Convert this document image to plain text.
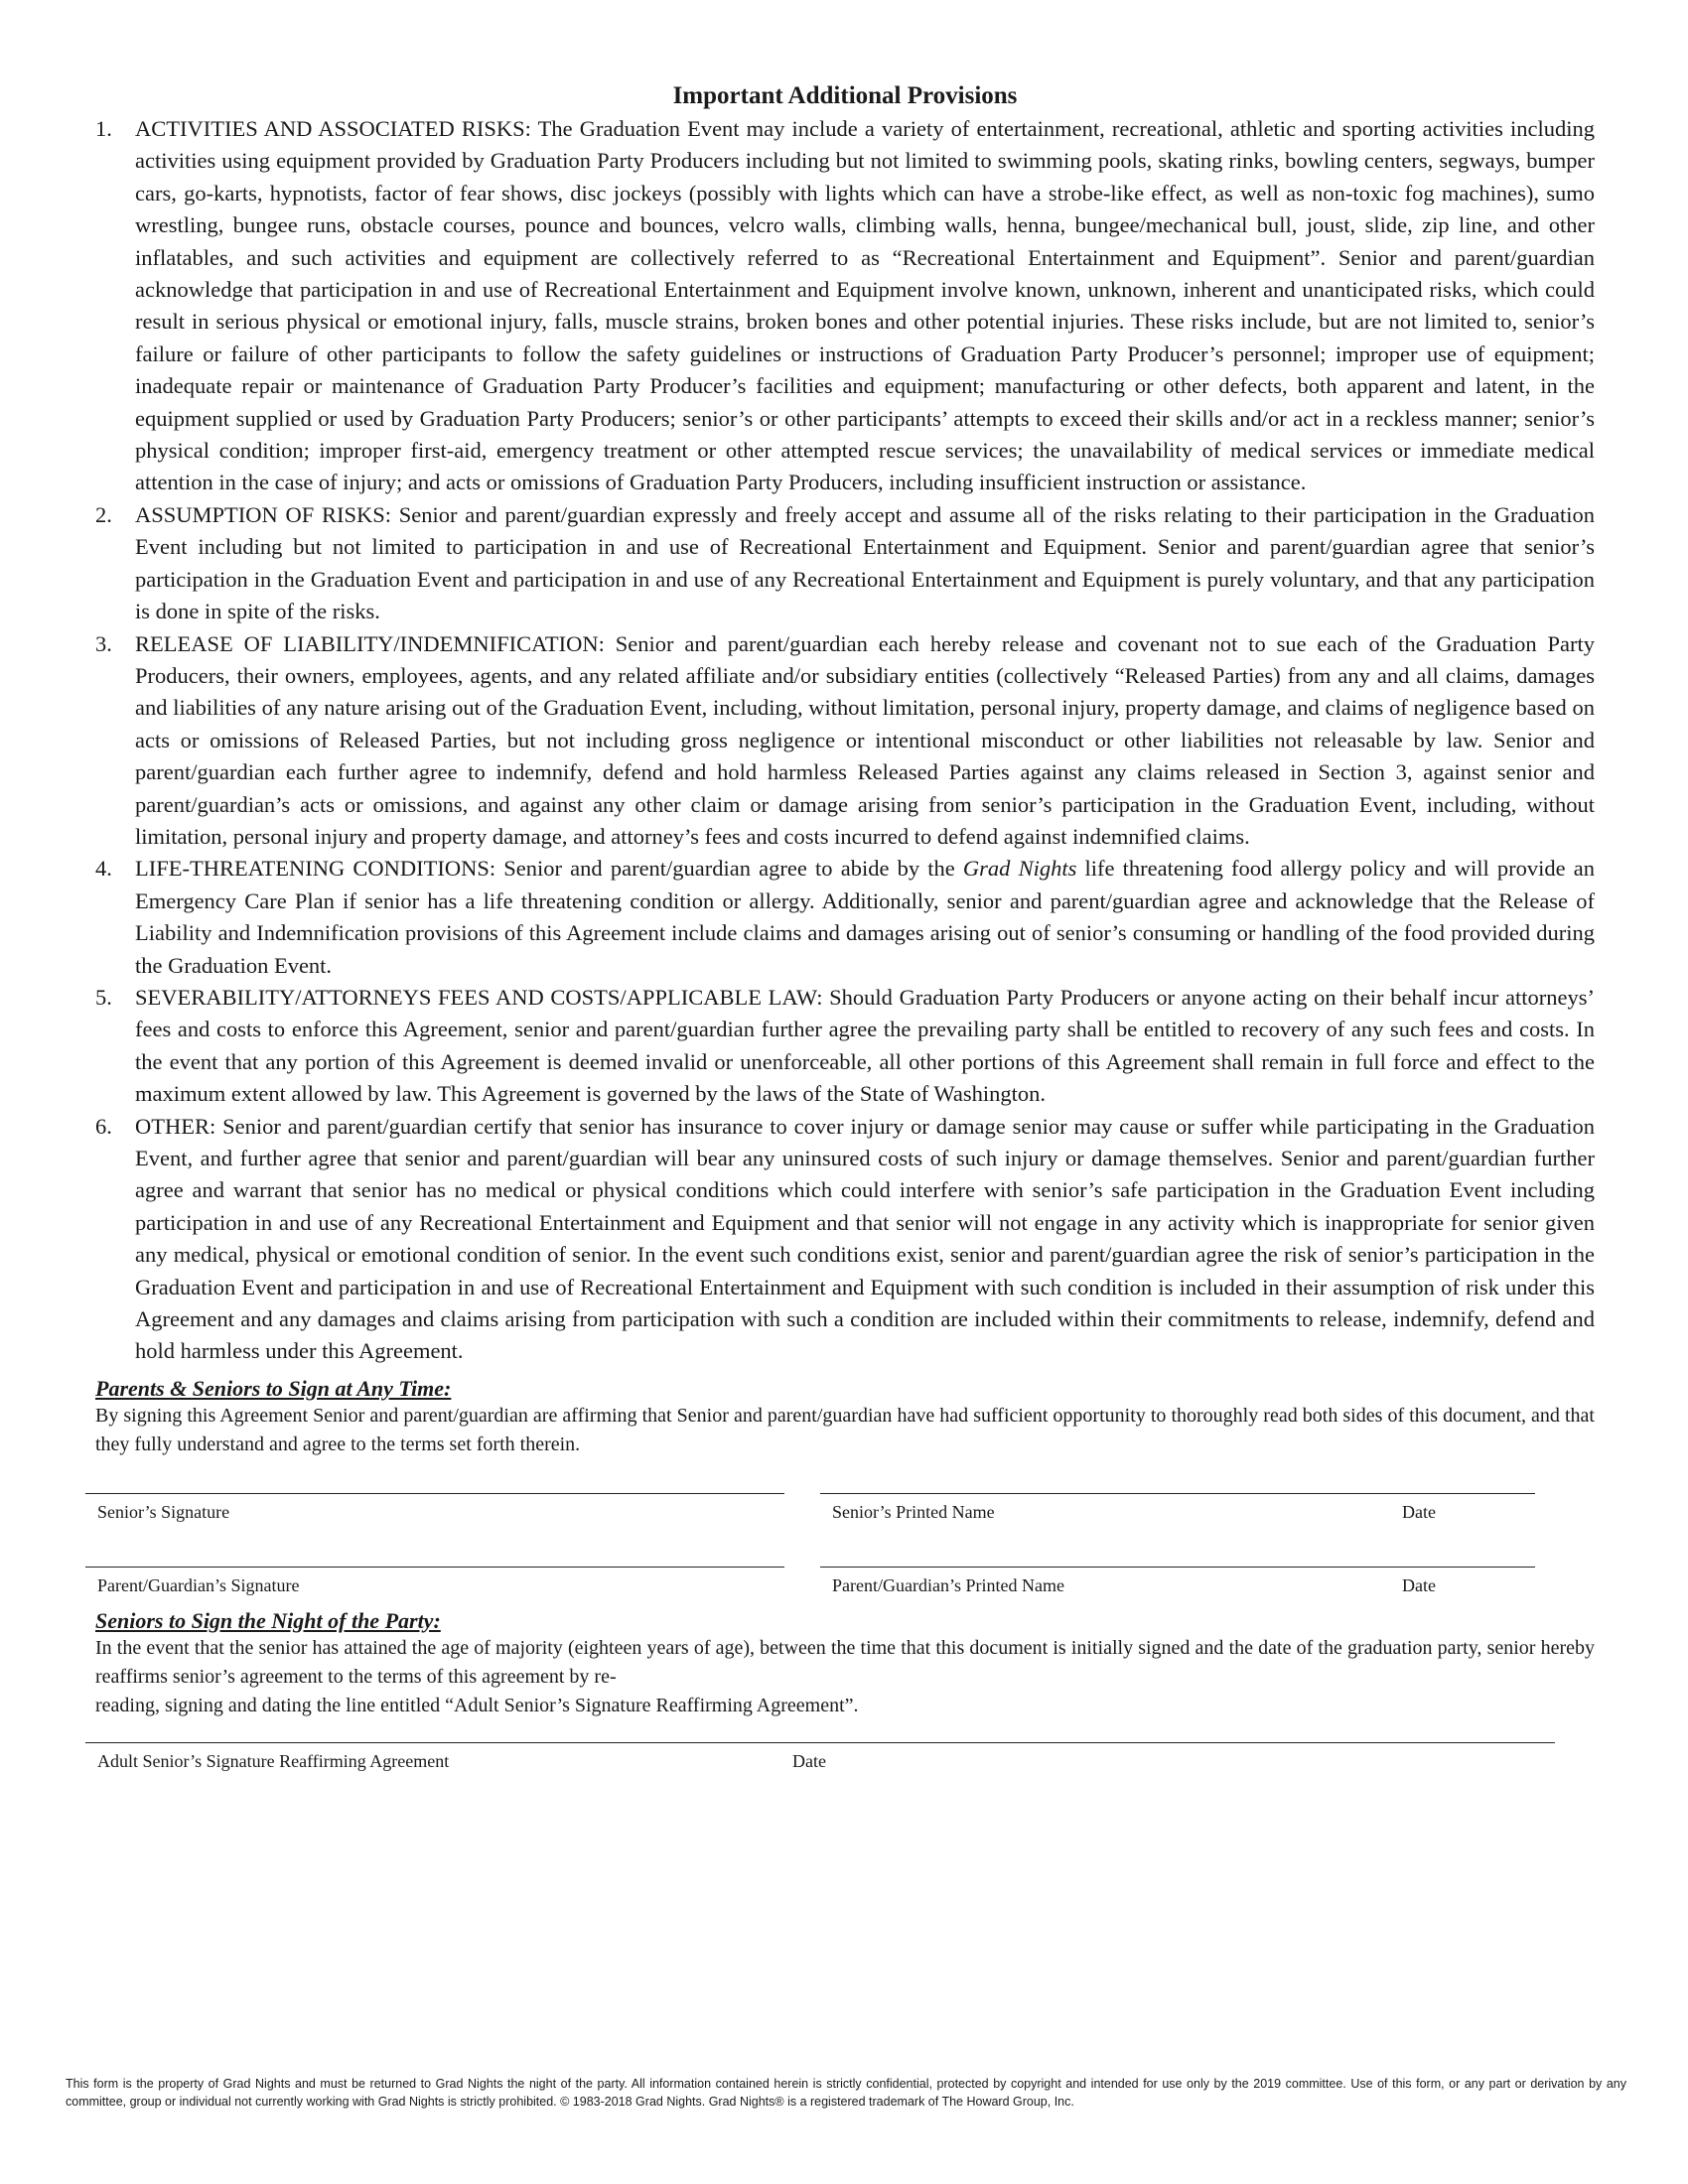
Important Additional Provisions
1.	ACTIVITIES AND ASSOCIATED RISKS: The Graduation Event may include a variety of entertainment, recreational, athletic and sporting activities including activities using equipment provided by Graduation Party Producers including but not limited to swimming pools, skating rinks, bowling centers, segways, bumper cars, go-karts, hypnotists, factor of fear shows, disc jockeys (possibly with lights which can have a strobe-like effect, as well as non-toxic fog machines), sumo wrestling, bungee runs, obstacle courses, pounce and bounces, velcro walls, climbing walls, henna, bungee/mechanical bull, joust, slide, zip line, and other inflatables, and such activities and equipment are collectively referred to as “Recreational Entertainment and Equipment”. Senior and parent/guardian acknowledge that participation in and use of Recreational Entertainment and Equipment involve known, unknown, inherent and unanticipated risks, which could result in serious physical or emotional injury, falls, muscle strains, broken bones and other potential injuries. These risks include, but are not limited to, senior’s failure or failure of other participants to follow the safety guidelines or instructions of Graduation Party Producer’s personnel; improper use of equipment; inadequate repair or maintenance of Graduation Party Producer’s facilities and equipment; manufacturing or other defects, both apparent and latent, in the equipment supplied or used by Graduation Party Producers; senior’s or other participants’ attempts to exceed their skills and/or act in a reckless manner; senior’s physical condition; improper first-aid, emergency treatment or other attempted rescue services; the unavailability of medical services or immediate medical attention in the case of injury; and acts or omissions of Graduation Party Producers, including insufficient instruction or assistance.
2.	ASSUMPTION OF RISKS: Senior and parent/guardian expressly and freely accept and assume all of the risks relating to their participation in the Graduation Event including but not limited to participation in and use of Recreational Entertainment and Equipment. Senior and parent/guardian agree that senior’s participation in the Graduation Event and participation in and use of any Recreational Entertainment and Equipment is purely voluntary, and that any participation is done in spite of the risks.
3.	RELEASE OF LIABILITY/INDEMNIFICATION: Senior and parent/guardian each hereby release and covenant not to sue each of the Graduation Party Producers, their owners, employees, agents, and any related affiliate and/or subsidiary entities (collectively “Released Parties) from any and all claims, damages and liabilities of any nature arising out of the Graduation Event, including, without limitation, personal injury, property damage, and claims of negligence based on acts or omissions of Released Parties, but not including gross negligence or intentional misconduct or other liabilities not releasable by law. Senior and parent/guardian each further agree to indemnify, defend and hold harmless Released Parties against any claims released in Section 3, against senior and parent/guardian’s acts or omissions, and against any other claim or damage arising from senior’s participation in the Graduation Event, including, without limitation, personal injury and property damage, and attorney’s fees and costs incurred to defend against indemnified claims.
4.	LIFE-THREATENING CONDITIONS: Senior and parent/guardian agree to abide by the Grad Nights life threatening food allergy policy and will provide an Emergency Care Plan if senior has a life threatening condition or allergy. Additionally, senior and parent/guardian agree and acknowledge that the Release of Liability and Indemnification provisions of this Agreement include claims and damages arising out of senior’s consuming or handling of the food provided during the Graduation Event.
5.	SEVERABILITY/ATTORNEYS FEES AND COSTS/APPLICABLE LAW: Should Graduation Party Producers or anyone acting on their behalf incur attorneys’ fees and costs to enforce this Agreement, senior and parent/guardian further agree the prevailing party shall be entitled to recovery of any such fees and costs. In the event that any portion of this Agreement is deemed invalid or unenforceable, all other portions of this Agreement shall remain in full force and effect to the maximum extent allowed by law. This Agreement is governed by the laws of the State of Washington.
6.	OTHER: Senior and parent/guardian certify that senior has insurance to cover injury or damage senior may cause or suffer while participating in the Graduation Event, and further agree that senior and parent/guardian will bear any uninsured costs of such injury or damage themselves. Senior and parent/guardian further agree and warrant that senior has no medical or physical conditions which could interfere with senior’s safe participation in the Graduation Event including participation in and use of any Recreational Entertainment and Equipment and that senior will not engage in any activity which is inappropriate for senior given any medical, physical or emotional condition of senior. In the event such conditions exist, senior and parent/guardian agree the risk of senior’s participation in the Graduation Event and participation in and use of Recreational Entertainment and Equipment with such condition is included in their assumption of risk under this Agreement and any damages and claims arising from participation with such a condition are included within their commitments to release, indemnify, defend and hold harmless under this Agreement.
Parents & Seniors to Sign at Any Time:

By signing this Agreement Senior and parent/guardian are affirming that Senior and parent/guardian have had sufficient opportunity to thoroughly read both sides of this document, and that they fully understand and agree to the terms set forth therein.

Senior’s Signature	Senior’s Printed Name	Date
Parent/Guardian’s Signature	Parent/Guardian’s Printed Name	Date
Seniors to Sign the Night of the Party:

In the event that the senior has attained the age of majority (eighteen years of age), between the time that this document is initially signed and the date of the graduation party, senior hereby reaffirms senior’s agreement to the terms of this agreement by re-

reading, signing and dating the line entitled “Adult Senior’s Signature Reaffirming Agreement”.

Adult Senior’s Signature Reaffirming Agreement	Date
This form is the property of Grad Nights and must be returned to Grad Nights the night of the party. All information contained herein is strictly confidential, protected by copyright and intended for use only by the 2019 committee. Use of this form, or any part or derivation by any committee, group or individual not currently working with Grad Nights is strictly prohibited. © 1983-2018 Grad Nights. Grad Nights® is a registered trademark of The Howard Group, Inc.
